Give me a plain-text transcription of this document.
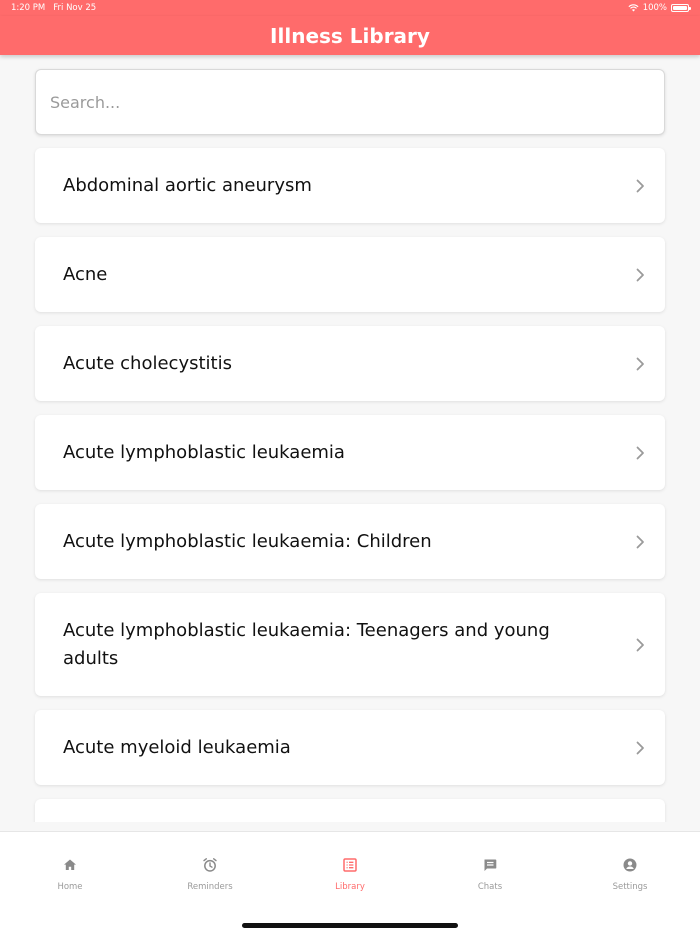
1:20 PM Fri Nov 25	100%
Illness Library
Search...
Abdominal aortic aneurysm
Acne
Acute cholecystitis
Acute lymphoblastic leukaemia
Acute lymphoblastic leukaemia: Children
Acute lymphoblastic leukaemia: Teenagers and young adults
Acute myeloid leukaemia
Home	Reminders	Library	Chats	Settings
